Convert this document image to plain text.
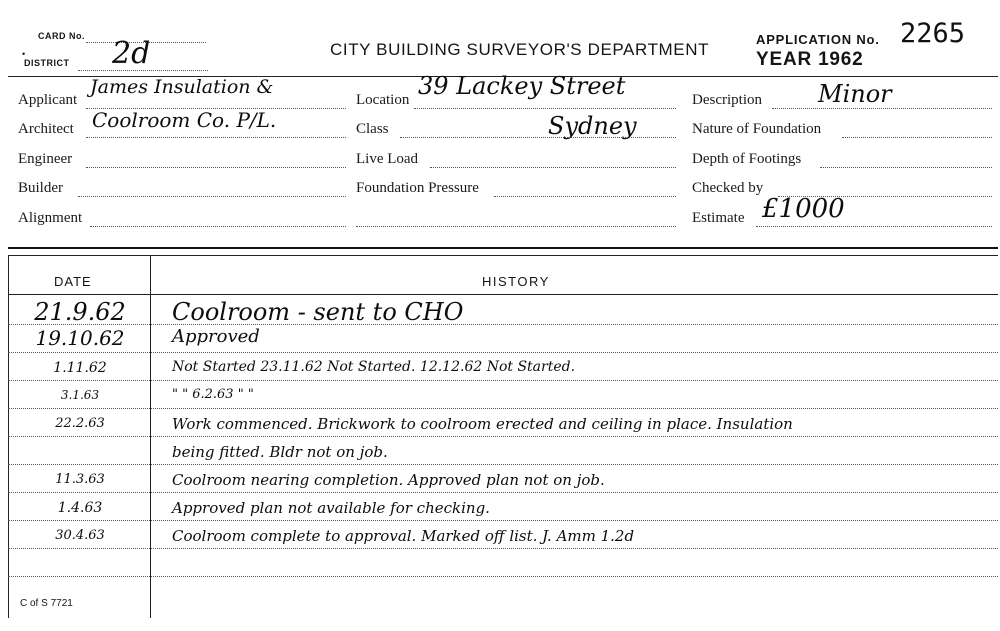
CARD No.
•
DISTRICT 2d	CITY BUILDING SURVEYOR'S DEPARTMENT
APPLICATION No. 2265
YEAR 1962
Applicant
James Insulation &
Architect Coolroom Co. P/L.
Engineer
Builder
Alignment
Location 39 Lackey Street
Class	Sydney
Live Load
Foundation Pressure
Description Minor
Nature of Foundation
Depth of Footings
Checked by
Estimate £1000
DATE	HISTORY
21.9.62	Coolroom - sent to CHO
19.10.62	Approved
1.11.62	Not Started 23.11.62 Not Started. 12.12.62 Not Started.
3.1.63	" " 6.2.63 " "
22.2.63	Work commenced. Brickwork to coolroom erected and ceiling in place. Insulation
being fitted. Bldr not on job.
11.3.63	Coolroom nearing completion. Approved plan not on job.
1.4.63	Approved plan not available for checking.
30.4.63	Coolroom complete to approval. Marked off list. J. Amm 1.2d
C of S 7721
